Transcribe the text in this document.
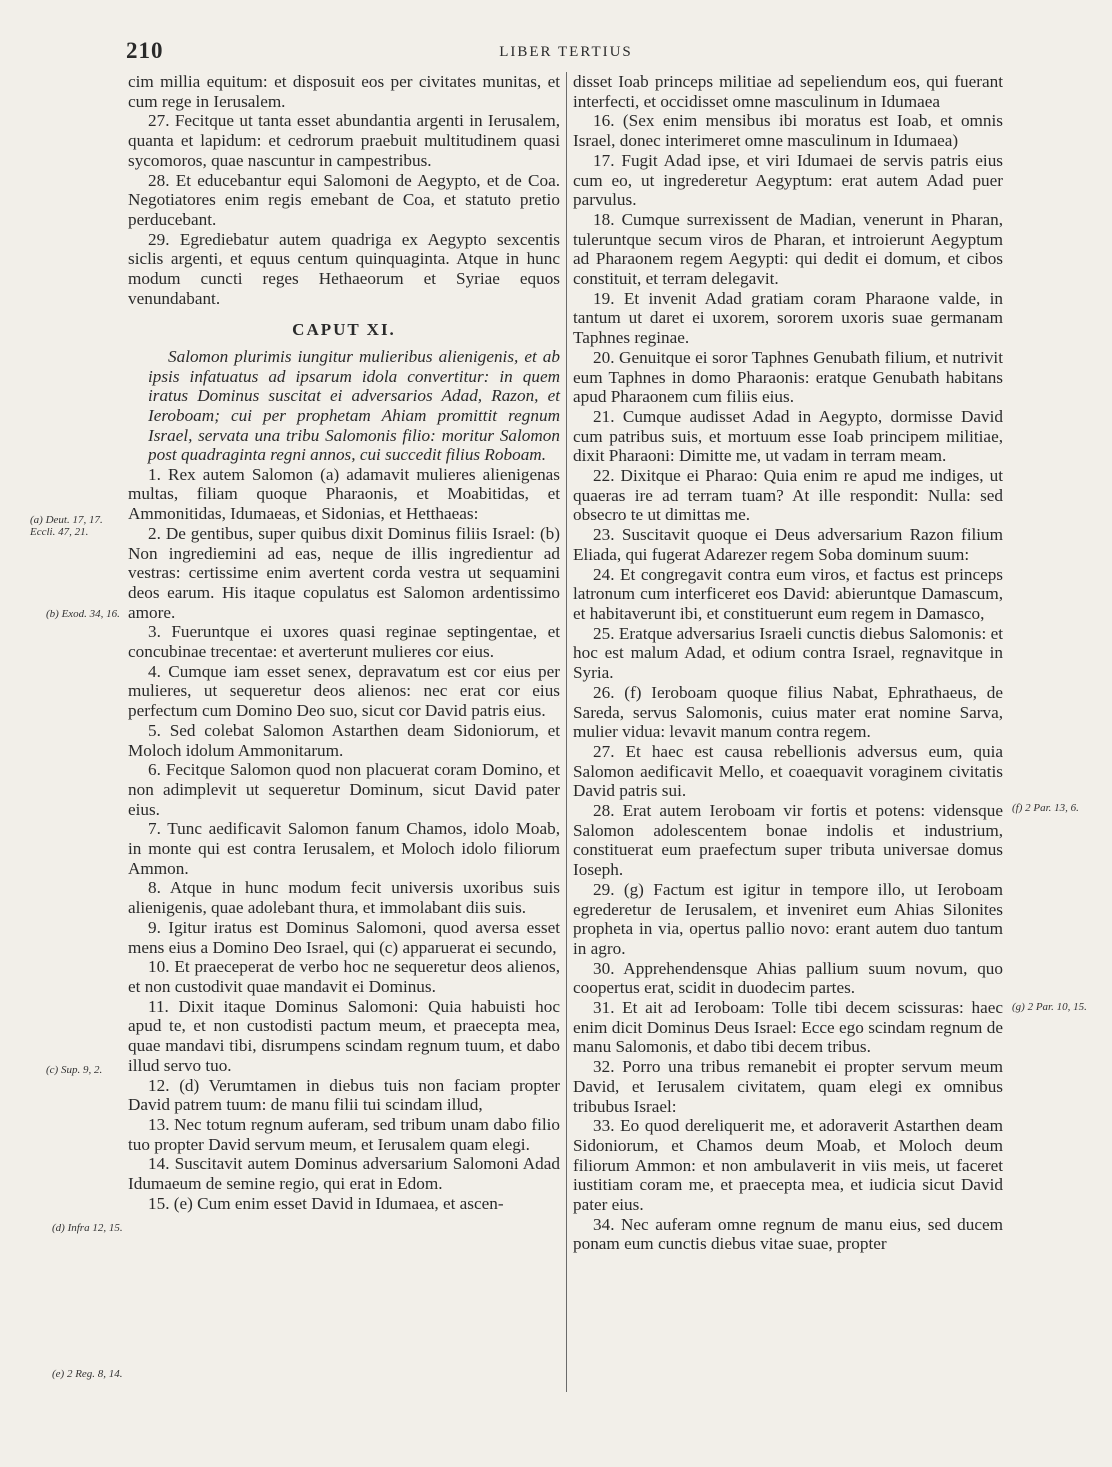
210	LIBER TERTIUS

cim millia equitum: et disposuit eos per civitates munitas, et cum rege in Ierusalem.

27. Fecitque ut tanta esset abundantia argenti in Ierusalem, quanta et lapidum: et cedrorum praebuit multitudinem quasi sycomoros, quae nascuntur in campestribus.

28. Et educebantur equi Salomoni de Aegypto, et de Coa. Negotiatores enim regis emebant de Coa, et statuto pretio perducebant.

29. Egrediebatur autem quadriga ex Aegypto sexcentis siclis argenti, et equus centum quinquaginta. Atque in hunc modum cuncti reges Hethaeorum et Syriae equos venundabant.

CAPUT XI.

Salomon plurimis iungitur mulieribus alienigenis, et ab ipsis infatuatus ad ipsarum idola convertitur: in quem iratus Dominus suscitat ei adversarios Adad, Razon, et Ieroboam; cui per prophetam Ahiam promittit regnum Israel, servata una tribu Salomonis filio: moritur Salomon post quadraginta regni annos, cui succedit filius Roboam.

1. Rex autem Salomon (a) adamavit mulieres alienigenas multas, filiam quoque Pharaonis, et Moabitidas, et Ammonitidas, Idumaeas, et Sidonias, et Hetthaeas:

2. De gentibus, super quibus dixit Dominus filiis Israel: (b) Non ingrediemini ad eas, neque de illis ingredientur ad vestras: certissime enim avertent corda vestra ut sequamini deos earum. His itaque copulatus est Salomon ardentissimo amore.

3. Fueruntque ei uxores quasi reginae septingentae, et concubinae trecentae: et averterunt mulieres cor eius.

4. Cumque iam esset senex, depravatum est cor eius per mulieres, ut sequeretur deos alienos: nec erat cor eius perfectum cum Domino Deo suo, sicut cor David patris eius.

5. Sed colebat Salomon Astarthen deam Sidoniorum, et Moloch idolum Ammonitarum.

6. Fecitque Salomon quod non placuerat coram Domino, et non adimplevit ut sequeretur Dominum, sicut David pater eius.

7. Tunc aedificavit Salomon fanum Chamos, idolo Moab, in monte qui est contra Ierusalem, et Moloch idolo filiorum Ammon.

8. Atque in hunc modum fecit universis uxoribus suis alienigenis, quae adolebant thura, et immolabant diis suis.

9. Igitur iratus est Dominus Salomoni, quod aversa esset mens eius a Domino Deo Israel, qui (c) apparuerat ei secundo,

10. Et praeceperat de verbo hoc ne sequeretur deos alienos, et non custodivit quae mandavit ei Dominus.

11. Dixit itaque Dominus Salomoni: Quia habuisti hoc apud te, et non custodisti pactum meum, et praecepta mea, quae mandavi tibi, disrumpens scindam regnum tuum, et dabo illud servo tuo.

12. (d) Verumtamen in diebus tuis non faciam propter David patrem tuum: de manu filii tui scindam illud,

13. Nec totum regnum auferam, sed tribum unam dabo filio tuo propter David servum meum, et Ierusalem quam elegi.

14. Suscitavit autem Dominus adversarium Salomoni Adad Idumaeum de semine regio, qui erat in Edom.

15. (e) Cum enim esset David in Idumaea, et ascen-

disset Ioab princeps militiae ad sepeliendum eos, qui fuerant interfecti, et occidisset omne masculinum in Idumaea

16. (Sex enim mensibus ibi moratus est Ioab, et omnis Israel, donec interimeret omne masculinum in Idumaea)

17. Fugit Adad ipse, et viri Idumaei de servis patris eius cum eo, ut ingrederetur Aegyptum: erat autem Adad puer parvulus.

18. Cumque surrexissent de Madian, venerunt in Pharan, tuleruntque secum viros de Pharan, et introierunt Aegyptum ad Pharaonem regem Aegypti: qui dedit ei domum, et cibos constituit, et terram delegavit.

19. Et invenit Adad gratiam coram Pharaone valde, in tantum ut daret ei uxorem, sororem uxoris suae germanam Taphnes reginae.

20. Genuitque ei soror Taphnes Genubath filium, et nutrivit eum Taphnes in domo Pharaonis: eratque Genubath habitans apud Pharaonem cum filiis eius.

21. Cumque audisset Adad in Aegypto, dormisse David cum patribus suis, et mortuum esse Ioab principem militiae, dixit Pharaoni: Dimitte me, ut vadam in terram meam.

22. Dixitque ei Pharao: Quia enim re apud me indiges, ut quaeras ire ad terram tuam? At ille respondit: Nulla: sed obsecro te ut dimittas me.

23. Suscitavit quoque ei Deus adversarium Razon filium Eliada, qui fugerat Adarezer regem Soba dominum suum:

24. Et congregavit contra eum viros, et factus est princeps latronum cum interficeret eos David: abieruntque Damascum, et habitaverunt ibi, et constituerunt eum regem in Damasco,

25. Eratque adversarius Israeli cunctis diebus Salomonis: et hoc est malum Adad, et odium contra Israel, regnavitque in Syria.

26. (f) Ieroboam quoque filius Nabat, Ephrathaeus, de Sareda, servus Salomonis, cuius mater erat nomine Sarva, mulier vidua: levavit manum contra regem.

27. Et haec est causa rebellionis adversus eum, quia Salomon aedificavit Mello, et coaequavit voraginem civitatis David patris sui.

28. Erat autem Ieroboam vir fortis et potens: vidensque Salomon adolescentem bonae indolis et industrium, constituerat eum praefectum super tributa universae domus Ioseph.

29. (g) Factum est igitur in tempore illo, ut Ieroboam egrederetur de Ierusalem, et inveniret eum Ahias Silonites propheta in via, opertus pallio novo: erant autem duo tantum in agro.

30. Apprehendensque Ahias pallium suum novum, quo coopertus erat, scidit in duodecim partes.

31. Et ait ad Ieroboam: Tolle tibi decem scissuras: haec enim dicit Dominus Deus Israel: Ecce ego scindam regnum de manu Salomonis, et dabo tibi decem tribus.

32. Porro una tribus remanebit ei propter servum meum David, et Ierusalem civitatem, quam elegi ex omnibus tribubus Israel:

33. Eo quod dereliquerit me, et adoraverit Astarthen deam Sidoniorum, et Chamos deum Moab, et Moloch deum filiorum Ammon: et non ambulaverit in viis meis, ut faceret iustitiam coram me, et praecepta mea, et iudicia sicut David pater eius.

34. Nec auferam omne regnum de manu eius, sed ducem ponam eum cunctis diebus vitae suae, propter

(a) Deut. 17, 17. Eccli. 47, 21.
(b) Exod. 34, 16.
(c) Sup. 9, 2.
(d) Infra 12, 15.
(e) 2 Reg. 8, 14.
(f) 2 Par. 13, 6.
(g) 2 Par. 10, 15.
